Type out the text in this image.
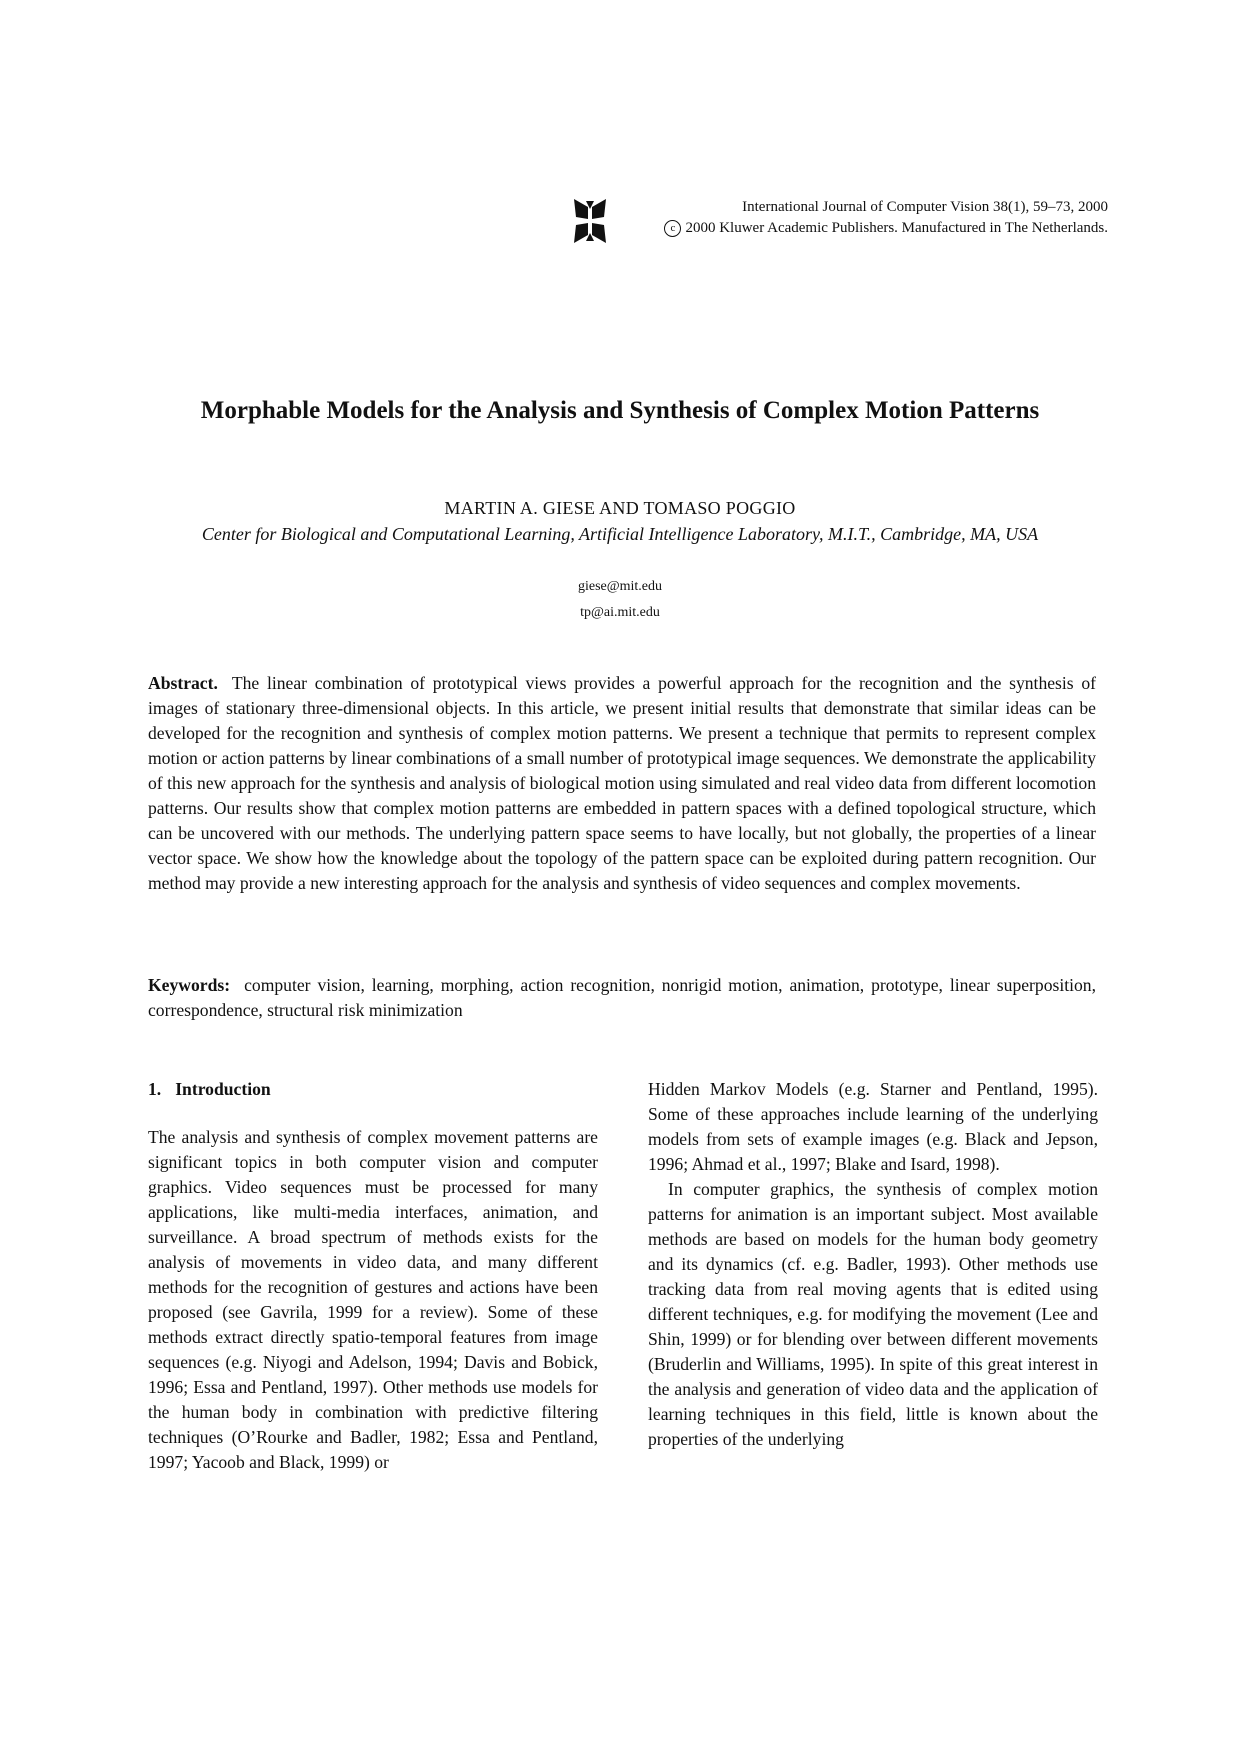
International Journal of Computer Vision 38(1), 59–73, 2000
c 2000 Kluwer Academic Publishers. Manufactured in The Netherlands.
Morphable Models for the Analysis and Synthesis of Complex Motion Patterns
MARTIN A. GIESE AND TOMASO POGGIO
Center for Biological and Computational Learning, Artificial Intelligence Laboratory, M.I.T., Cambridge, MA, USA
giese@mit.edu
tp@ai.mit.edu

Abstract. The linear combination of prototypical views provides a powerful approach for the recognition and the synthesis of images of stationary three-dimensional objects. In this article, we present initial results that demonstrate that similar ideas can be developed for the recognition and synthesis of complex motion patterns. We present a technique that permits to represent complex motion or action patterns by linear combinations of a small number of prototypical image sequences. We demonstrate the applicability of this new approach for the synthesis and analysis of biological motion using simulated and real video data from different locomotion patterns. Our results show that complex motion patterns are embedded in pattern spaces with a defined topological structure, which can be uncovered with our methods. The underlying pattern space seems to have locally, but not globally, the properties of a linear vector space. We show how the knowledge about the topology of the pattern space can be exploited during pattern recognition. Our method may provide a new interesting approach for the analysis and synthesis of video sequences and complex movements.

Keywords: computer vision, learning, morphing, action recognition, nonrigid motion, animation, prototype, linear superposition, correspondence, structural risk minimization

1. Introduction

The analysis and synthesis of complex movement patterns are significant topics in both computer vision and computer graphics. Video sequences must be processed for many applications, like multi-media interfaces, animation, and surveillance. A broad spectrum of methods exists for the analysis of movements in video data, and many different methods for the recognition of gestures and actions have been proposed (see Gavrila, 1999 for a review). Some of these methods extract directly spatio-temporal features from image sequences (e.g. Niyogi and Adelson, 1994; Davis and Bobick, 1996; Essa and Pentland, 1997). Other methods use models for the human body in combination with predictive filtering techniques (O’Rourke and Badler, 1982; Essa and Pentland, 1997; Yacoob and Black, 1999) or

Hidden Markov Models (e.g. Starner and Pentland, 1995). Some of these approaches include learning of the underlying models from sets of example images (e.g. Black and Jepson, 1996; Ahmad et al., 1997; Blake and Isard, 1998).

In computer graphics, the synthesis of complex motion patterns for animation is an important subject. Most available methods are based on models for the human body geometry and its dynamics (cf. e.g. Badler, 1993). Other methods use tracking data from real moving agents that is edited using different techniques, e.g. for modifying the movement (Lee and Shin, 1999) or for blending over between different movements (Bruderlin and Williams, 1995). In spite of this great interest in the analysis and generation of video data and the application of learning techniques in this field, little is known about the properties of the underlying
